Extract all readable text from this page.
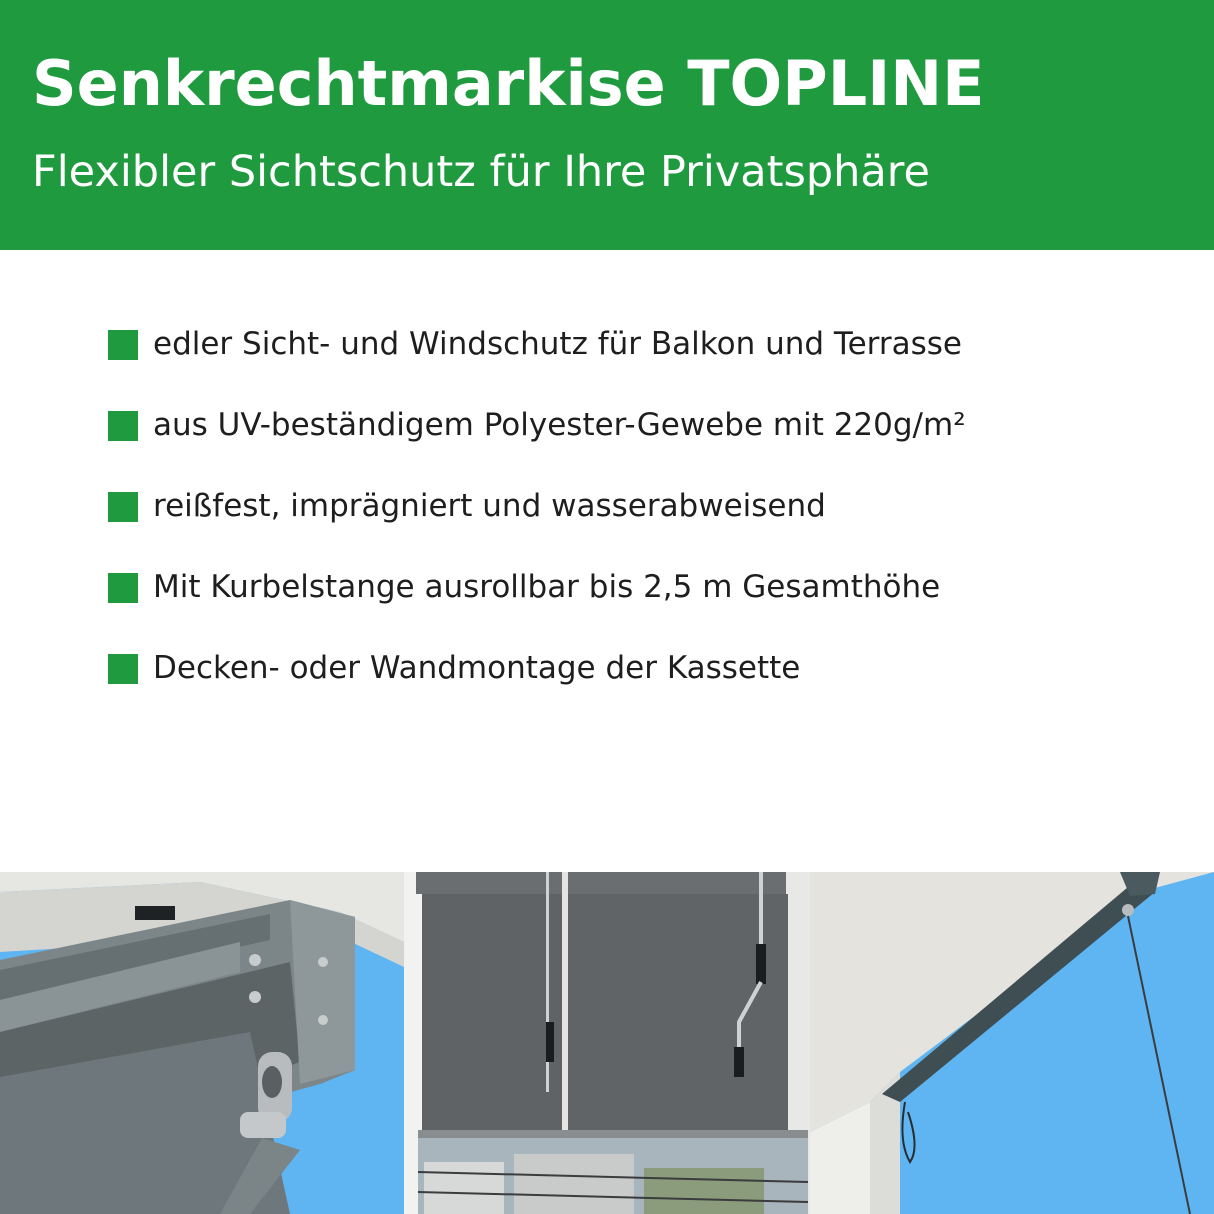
Senkrechtmarkise TOPLINE
Flexibler Sichtschutz für Ihre Privatsphäre
edler Sicht- und Windschutz für Balkon und Terrasse
aus UV-beständigem Polyester-Gewebe mit 220g/m²
reißfest, imprägniert und wasserabweisend
Mit Kurbelstange ausrollbar bis 2,5 m Gesamthöhe
Decken- oder Wandmontage der Kassette
